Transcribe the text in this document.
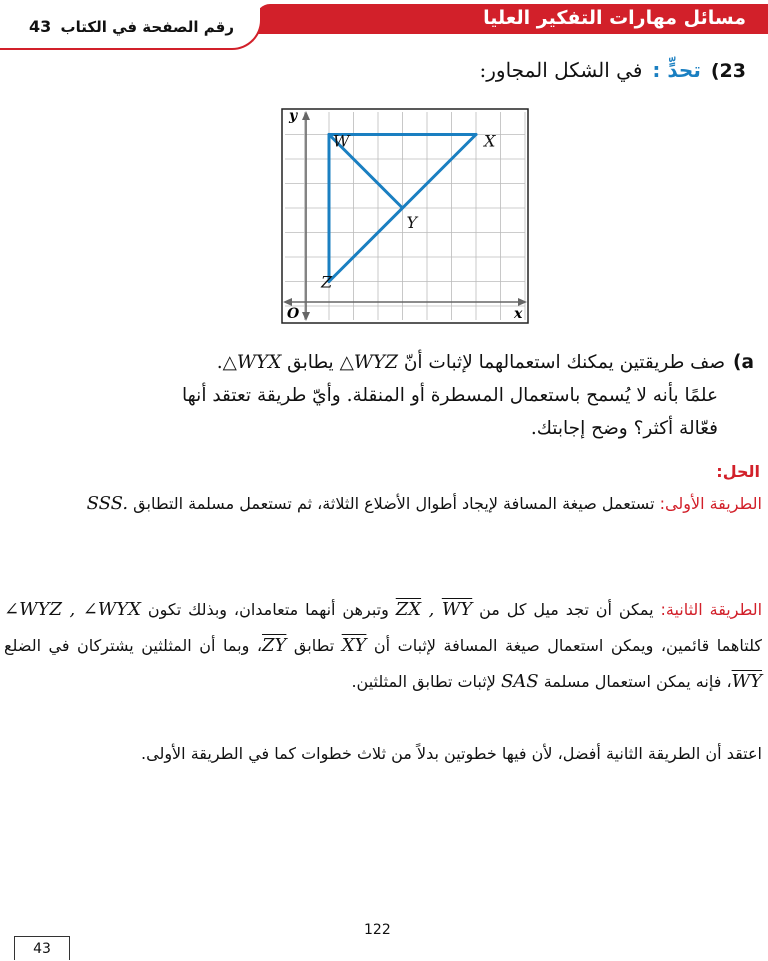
مسائل مهارات التفكير العليا
رقم الصفحة في الكتاب 43
23)تحدٍّ :في الشكل المجاور:
y
x
O
W	X
Y
Z
a)صف طريقتين يمكنك استعمالهما لإثبات أنّ △WYZ يطابق △WYX.
علمًا بأنه لا يُسمح باستعمال المسطرة أو المنقلة. وأيّ طريقة تعتقد أنها
فعّالة أكثر؟ وضح إجابتك.
الحل:
الطريقة الأولى: تستعمل صيغة المسافة لإيجاد أطوال الأضلاع الثلاثة، ثم تستعمل مسلمة التطابق SSS.
الطريقة الثانية: يمكن أن تجد ميل كل من $\overline{ZX}$ , $\overline{WY}$ وتبرهن أنهما متعامدان، وبذلك تكون ∠WYZ , ∠WYX كلتاهما قائمين، ويمكن استعمال صيغة المسافة لإثبات أن $\overline{XY}$ تطابق $\overline{ZY}،$ وبما أن المثلثين يشتركان في الضلع $\overline{WY}،$ فإنه يمكن استعمال مسلمة SAS لإثبات تطابق المثلثين.
اعتقد أن الطريقة الثانية أفضل، لأن فيها خطوتين بدلاً من ثلاث خطوات كما في الطريقة الأولى.
122
43
